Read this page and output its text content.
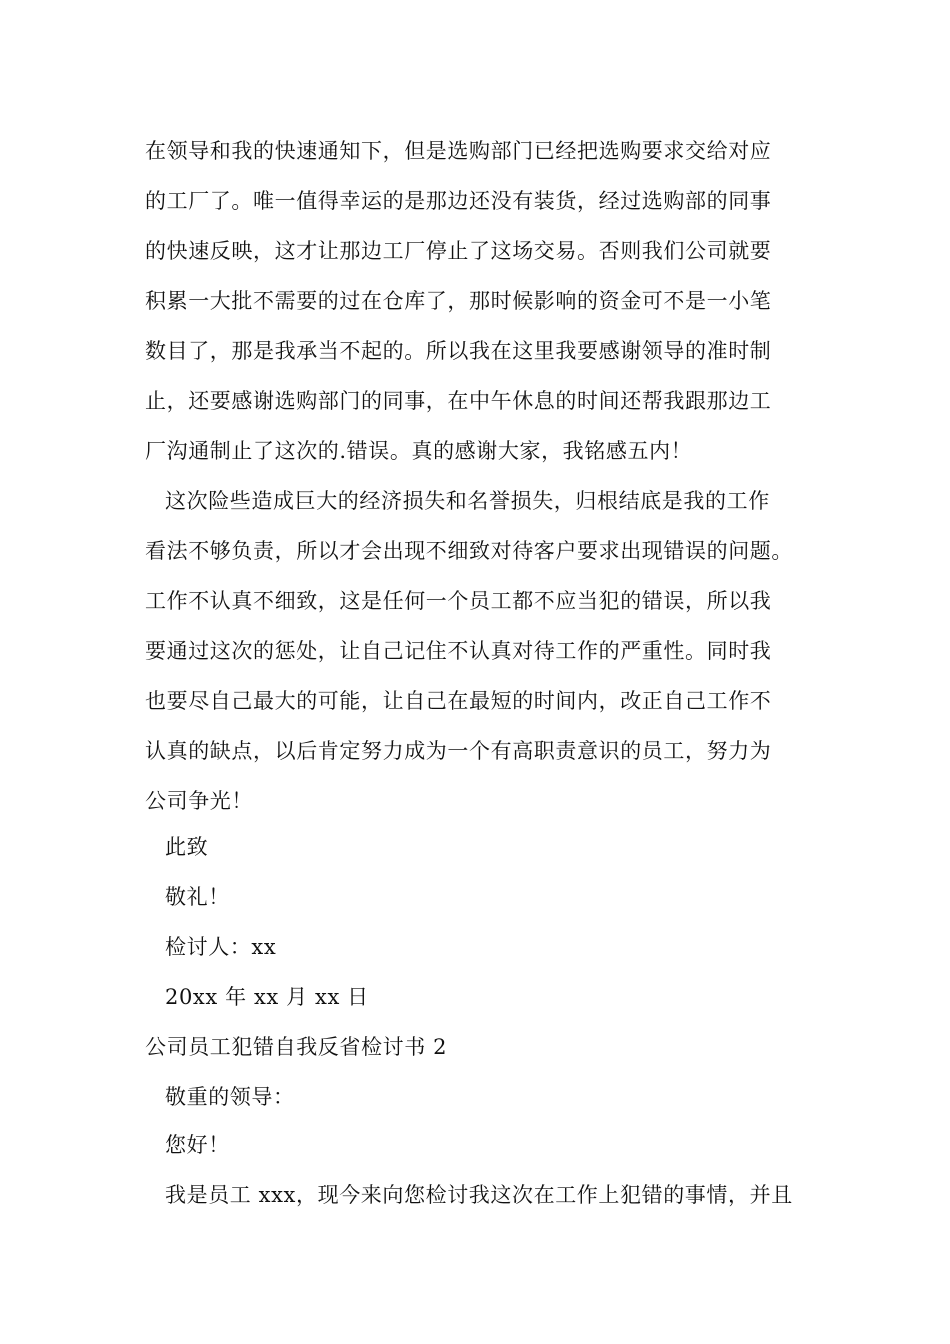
在领导和我的快速通知下，但是选购部门已经把选购要求交给对应
的工厂了。唯一值得幸运的是那边还没有装货，经过选购部的同事
的快速反映，这才让那边工厂停止了这场交易。否则我们公司就要
积累一大批不需要的过在仓库了，那时候影响的资金可不是一小笔
数目了，那是我承当不起的。所以我在这里我要感谢领导的准时制
止，还要感谢选购部门的同事，在中午休息的时间还帮我跟那边工
厂沟通制止了这次的.错误。真的感谢大家，我铭感五内！
这次险些造成巨大的经济损失和名誉损失，归根结底是我的工作
看法不够负责，所以才会出现不细致对待客户要求出现错误的问题。
工作不认真不细致，这是任何一个员工都不应当犯的错误，所以我
要通过这次的惩处，让自己记住不认真对待工作的严重性。同时我
也要尽自己最大的可能，让自己在最短的时间内，改正自己工作不
认真的缺点，以后肯定努力成为一个有高职责意识的员工，努力为
公司争光！
此致
敬礼！
检讨人：xx
20xx 年 xx 月 xx 日
公司员工犯错自我反省检讨书 2
敬重的领导：
您好！
我是员工 xxx，现今来向您检讨我这次在工作上犯错的事情，并且
